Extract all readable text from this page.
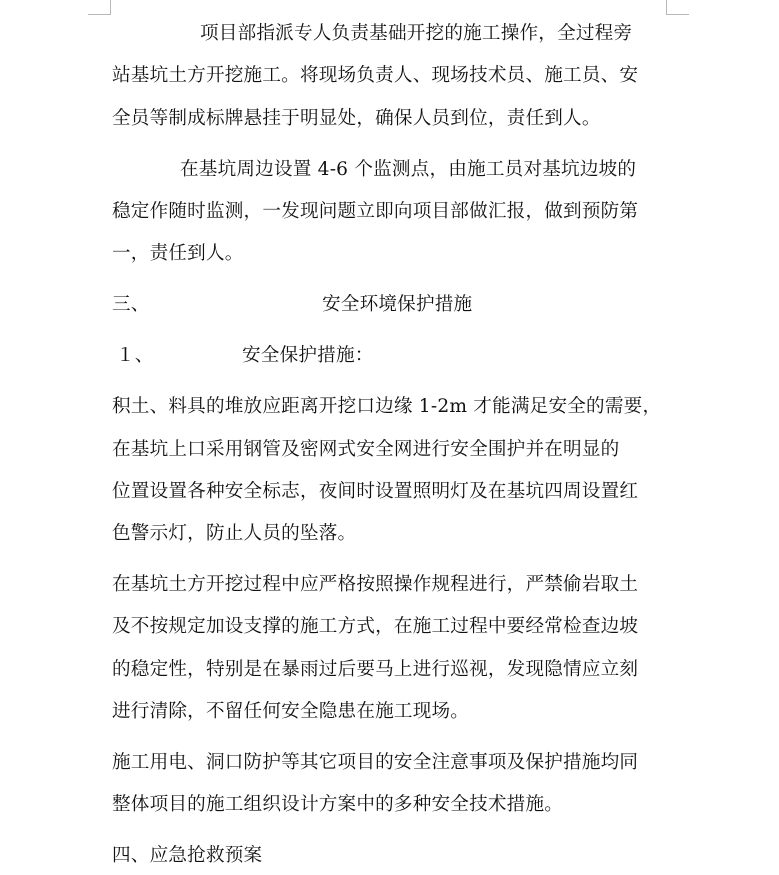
项目部指派专人负责基础开挖的施工操作，全过程旁
站基坑土方开挖施工。将现场负责人、现场技术员、施工员、安
全员等制成标牌悬挂于明显处，确保人员到位，责任到人。
在基坑周边设置 4-6 个监测点，由施工员对基坑边坡的
稳定作随时监测，一发现问题立即向项目部做汇报，做到预防第
一，责任到人。
三、	安全环境保护措施
１、	安全保护措施：
积土、料具的堆放应距离开挖口边缘 1-2m 才能满足安全的需要，
在基坑上口采用钢管及密网式安全网进行安全围护并在明显的
位置设置各种安全标志，夜间时设置照明灯及在基坑四周设置红
色警示灯，防止人员的坠落。
在基坑土方开挖过程中应严格按照操作规程进行，严禁偷岩取土
及不按规定加设支撑的施工方式，在施工过程中要经常检查边坡
的稳定性，特别是在暴雨过后要马上进行巡视，发现隐情应立刻
进行清除，不留任何安全隐患在施工现场。
施工用电、洞口防护等其它项目的安全注意事项及保护措施均同
整体项目的施工组织设计方案中的多种安全技术措施。
四、应急抢救预案
